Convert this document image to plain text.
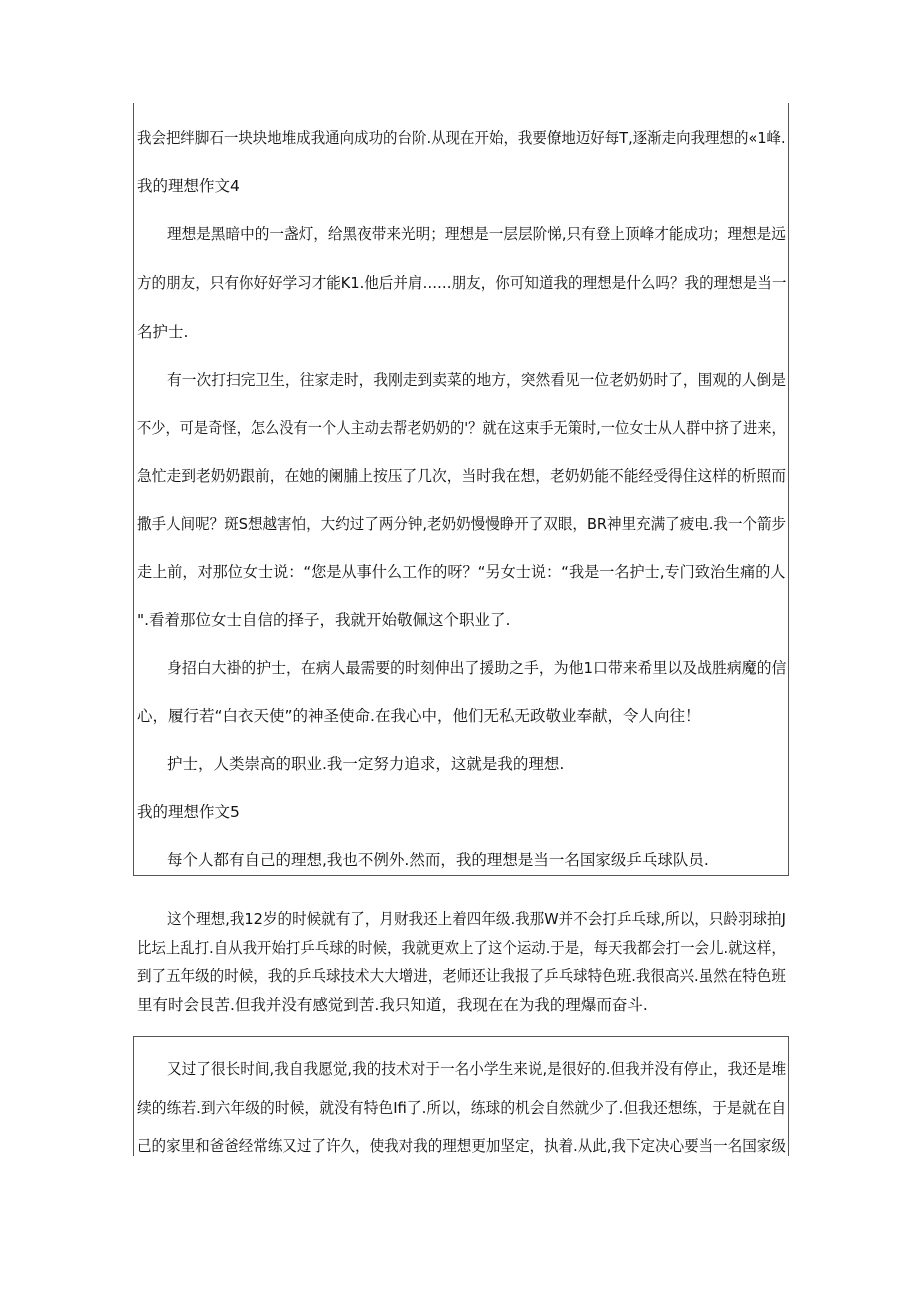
我会把绊脚石一块块地堆成我通向成功的台阶.从现在开始，我要僚地迈好每T,逐渐走向我理想的«1峰.
我的理想作文4
理想是黑暗中的一盏灯，给黑夜带来光明；理想是一层层阶悌,只有登上顶峰才能成功；理想是远
方的朋友，只有你好好学习才能K1.他后并肩……朋友，你可知道我的理想是什么吗？我的理想是当一
名护士.
有一次打扫完卫生，往家走时，我刚走到卖菜的地方，突然看见一位老奶奶时了，围观的人倒是
不少，可是奇怪，怎么没有一个人主动去帮老奶奶的'？就在这束手无策时,一位女士从人群中挤了进来，
急忙走到老奶奶跟前，在她的阑脯上按压了几次，当时我在想，老奶奶能不能经受得住这样的析照而
撒手人间呢？斑S想越害怕，大约过了两分钟,老奶奶慢慢睁开了双眼，BR神里充满了疲电.我一个箭步
走上前，对那位女士说：“您是从事什么工作的呀？“另女士说：“我是一名护士,专门致治生痛的人
".看着那位女士自信的择子，我就开始敬佩这个职业了.
身招白大褂的护士，在病人最需要的时刻伸出了援助之手，为他1口带来希里以及战胜病魔的信
心，履行若“白衣天使”的神圣使命.在我心中，他们无私无政敬业奉献，令人向往！
护士，人类崇高的职业.我一定努力追求，这就是我的理想.
我的理想作文5
每个人都有自己的理想,我也不例外.然而，我的理想是当一名国家级乒乓球队员.
这个理想,我12岁的时候就有了，月财我还上着四年级.我那W并不会打乒乓球,所以，只龄羽球拍J
比坛上乱打.自从我开始打乒乓球的时候，我就更欢上了这个运动.于是，每天我都会打一会儿.就这样，
到了五年级的时候，我的乒乓球技术大大增进，老师还让我报了乒乓球特色班.我很高兴.虽然在特色班
里有时会艮苦.但我并没有感觉到苦.我只知道，我现在在为我的理爆而奋斗.
又过了很长时间,我自我愿觉,我的技术对于一名小学生来说,是很好的.但我并没有停止，我还是堆
续的练若.到六年级的时候，就没有特色Ifi了.所以，练球的机会自然就少了.但我还想练，于是就在自
己的家里和爸爸经常练又过了许久，使我对我的理想更加坚定，执着.从此,我下定决心要当一名国家级
